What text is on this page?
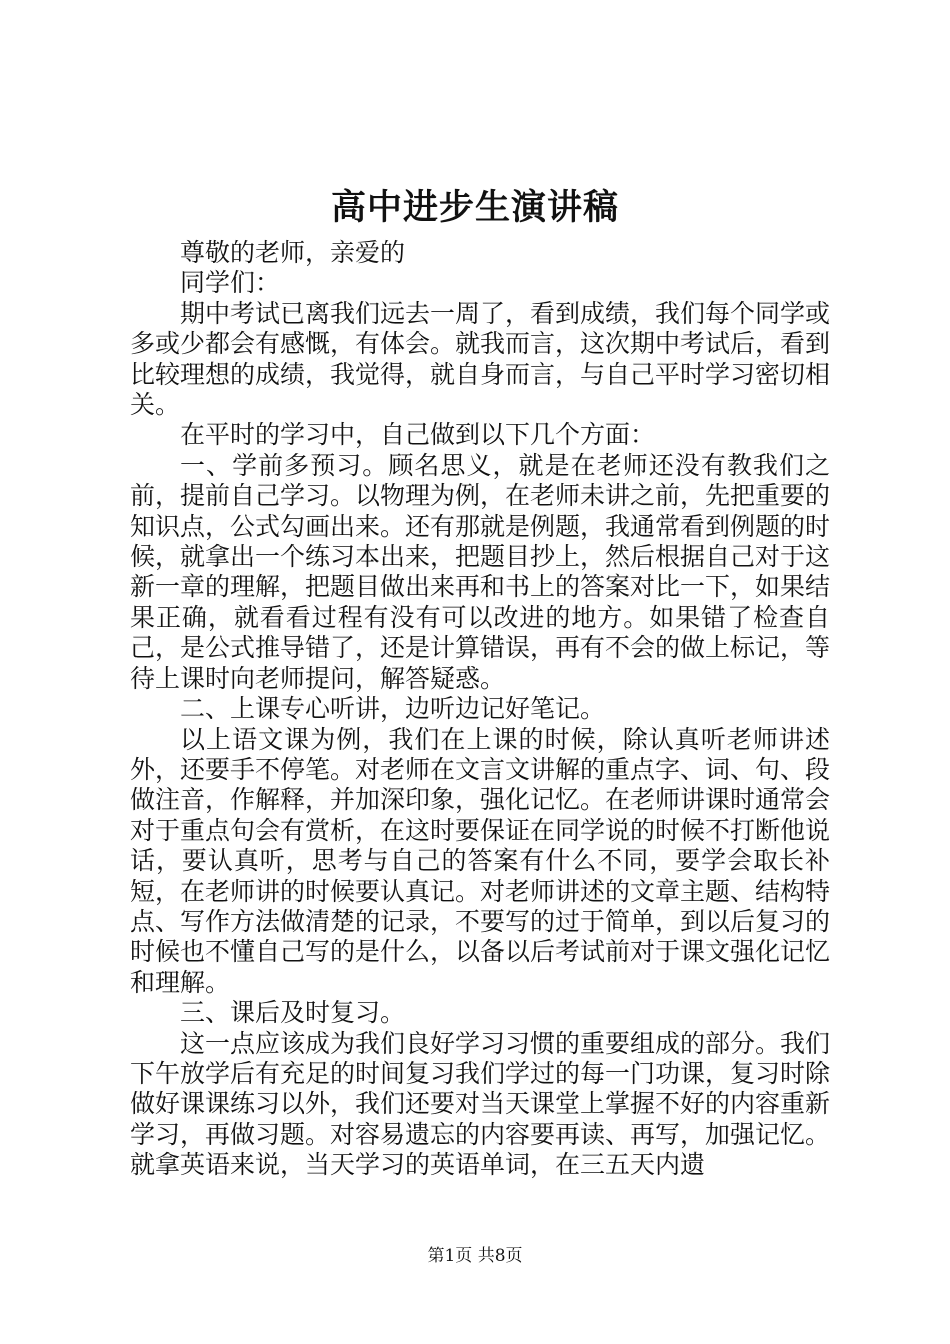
高中进步生演讲稿

尊敬的老师，亲爱的

同学们：

期中考试已离我们远去一周了，看到成绩，我们每个同学或多或少都会有感慨，有体会。就我而言，这次期中考试后，看到比较理想的成绩，我觉得，就自身而言，与自己平时学习密切相关。

在平时的学习中，自己做到以下几个方面：

一、学前多预习。顾名思义，就是在老师还没有教我们之前，提前自己学习。以物理为例，在老师未讲之前，先把重要的知识点，公式勾画出来。还有那就是例题，我通常看到例题的时候，就拿出一个练习本出来，把题目抄上，然后根据自己对于这新一章的理解，把题目做出来再和书上的答案对比一下，如果结果正确，就看看过程有没有可以改进的地方。如果错了检查自己，是公式推导错了，还是计算错误，再有不会的做上标记，等待上课时向老师提问，解答疑惑。

二、上课专心听讲，边听边记好笔记。

以上语文课为例，我们在上课的时候，除认真听老师讲述外，还要手不停笔。对老师在文言文讲解的重点字、词、句、段做注音，作解释，并加深印象，强化记忆。在老师讲课时通常会对于重点句会有赏析，在这时要保证在同学说的时候不打断他说话，要认真听，思考与自己的答案有什么不同，要学会取长补短，在老师讲的时候要认真记。对老师讲述的文章主题、结构特点、写作方法做清楚的记录，不要写的过于简单，到以后复习的时候也不懂自己写的是什么，以备以后考试前对于课文强化记忆和理解。

三、课后及时复习。

这一点应该成为我们良好学习习惯的重要组成的部分。我们下午放学后有充足的时间复习我们学过的每一门功课，复习时除做好课课练习以外，我们还要对当天课堂上掌握不好的内容重新学习，再做习题。对容易遗忘的内容要再读、再写，加强记忆。就拿英语来说，当天学习的英语单词，在三五天内遗

第1页 共8页
